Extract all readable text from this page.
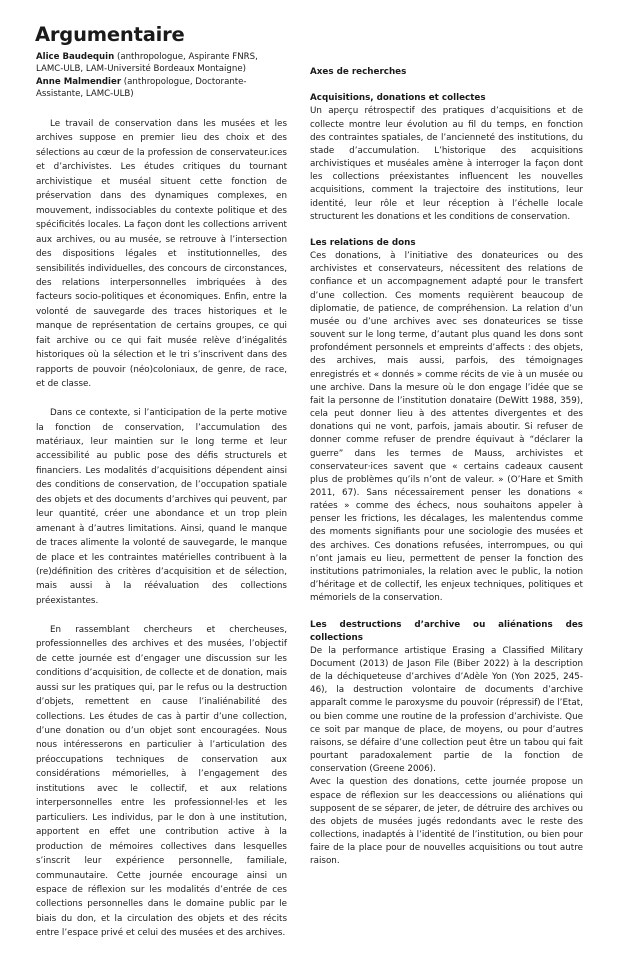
Argumentaire
Alice Baudequin (anthropologue, Aspirante FNRS, LAMC-ULB, LAM-Université Bordeaux Montaigne)
Anne Malmendier (anthropologue, Doctorante-Assistante, LAMC-ULB)

Le travail de conservation dans les musées et les archives suppose en premier lieu des choix et des sélections au cœur de la profession de conservateur.ices et d’archivistes. Les études critiques du tournant archivistique et muséal situent cette fonction de préservation dans des dynamiques complexes, en mouvement, indissociables du contexte politique et des spécificités locales. La façon dont les collections arrivent aux archives, ou au musée, se retrouve à l’intersection des dispositions légales et institutionnelles, des sensibilités individuelles, des concours de circonstances, des relations interpersonnelles imbriquées à des facteurs socio-politiques et économiques. Enfin, entre la volonté de sauvegarde des traces historiques et le manque de représentation de certains groupes, ce qui fait archive ou ce qui fait musée relève d’inégalités historiques où la sélection et le tri s’inscrivent dans des rapports de pouvoir (néo)coloniaux, de genre, de race, et de classe.

Dans ce contexte, si l’anticipation de la perte motive la fonction de conservation, l’accumulation des matériaux, leur maintien sur le long terme et leur accessibilité au public pose des défis structurels et financiers. Les modalités d’acquisitions dépendent ainsi des conditions de conservation, de l’occupation spatiale des objets et des documents d’archives qui peuvent, par leur quantité, créer une abondance et un trop plein amenant à d’autres limitations. Ainsi, quand le manque de traces alimente la volonté de sauvegarde, le manque de place et les contraintes matérielles contribuent à la (re)définition des critères d’acquisition et de sélection, mais aussi à la réévaluation des collections préexistantes.

En rassemblant chercheurs et chercheuses, professionnelles des archives et des musées, l’objectif de cette journée est d’engager une discussion sur les conditions d’acquisition, de collecte et de donation, mais aussi sur les pratiques qui, par le refus ou la destruction d’objets, remettent en cause l’inaliénabilité des collections. Les études de cas à partir d’une collection, d’une donation ou d’un objet sont encouragées. Nous nous intéresserons en particulier à l’articulation des préoccupations techniques de conservation aux considérations mémorielles, à l’engagement des institutions avec le collectif, et aux relations interpersonnelles entre les professionnel·les et les particuliers. Les individus, par le don à une institution, apportent en effet une contribution active à la production de mémoires collectives dans lesquelles s’inscrit leur expérience personnelle, familiale, communautaire. Cette journée encourage ainsi un espace de réflexion sur les modalités d’entrée de ces collections personnelles dans le domaine public par le biais du don, et la circulation des objets et des récits entre l’espace privé et celui des musées et des archives.

Axes de recherches

Acquisitions, donations et collectes

Un aperçu rétrospectif des pratiques d’acquisitions et de collecte montre leur évolution au fil du temps, en fonction des contraintes spatiales, de l’ancienneté des institutions, du stade d’accumulation. L’historique des acquisitions archivistiques et muséales amène à interroger la façon dont les collections préexistantes influencent les nouvelles acquisitions, comment la trajectoire des institutions, leur identité, leur rôle et leur réception à l’échelle locale structurent les donations et les conditions de conservation.

Les relations de dons

Ces donations, à l’initiative des donateurices ou des archivistes et conservateurs, nécessitent des relations de confiance et un accompagnement adapté pour le transfert d’une collection. Ces moments requièrent beaucoup de diplomatie, de patience, de compréhension. La relation d’un musée ou d’une archives avec ses donateurices se tisse souvent sur le long terme, d’autant plus quand les dons sont profondément personnels et empreints d’affects : des objets, des archives, mais aussi, parfois, des témoignages enregistrés et « donnés » comme récits de vie à un musée ou une archive. Dans la mesure où le don engage l’idée que se fait la personne de l’institution donataire (DeWitt 1988, 359), cela peut donner lieu à des attentes divergentes et des donations qui ne vont, parfois, jamais aboutir. Si refuser de donner comme refuser de prendre équivaut à “déclarer la guerre” dans les termes de Mauss, archivistes et conservateur·ices savent que « certains cadeaux causent plus de problèmes qu’ils n’ont de valeur. » (O’Hare et Smith 2011, 67). Sans nécessairement penser les donations « ratées » comme des échecs, nous souhaitons appeler à penser les frictions, les décalages, les malentendus comme des moments signifiants pour une sociologie des musées et des archives. Ces donations refusées, interrompues, ou qui n’ont jamais eu lieu, permettent de penser la fonction des institutions patrimoniales, la relation avec le public, la notion d’héritage et de collectif, les enjeux techniques, politiques et mémoriels de la conservation.

Les destructions d’archive ou aliénations des collections

De la performance artistique Erasing a Classified Military Document (2013) de Jason File (Biber 2022) à la description de la déchiqueteuse d’archives d’Adèle Yon (Yon 2025, 245-46), la destruction volontaire de documents d’archive apparaît comme le paroxysme du pouvoir (répressif) de l’Etat, ou bien comme une routine de la profession d’archiviste. Que ce soit par manque de place, de moyens, ou pour d’autres raisons, se défaire d’une collection peut être un tabou qui fait pourtant paradoxalement partie de la fonction de conservation (Greene 2006).

Avec la question des donations, cette journée propose un espace de réflexion sur les deaccessions ou aliénations qui supposent de se séparer, de jeter, de détruire des archives ou des objets de musées jugés redondants avec le reste des collections, inadaptés à l’identité de l’institution, ou bien pour faire de la place pour de nouvelles acquisitions ou tout autre raison.
